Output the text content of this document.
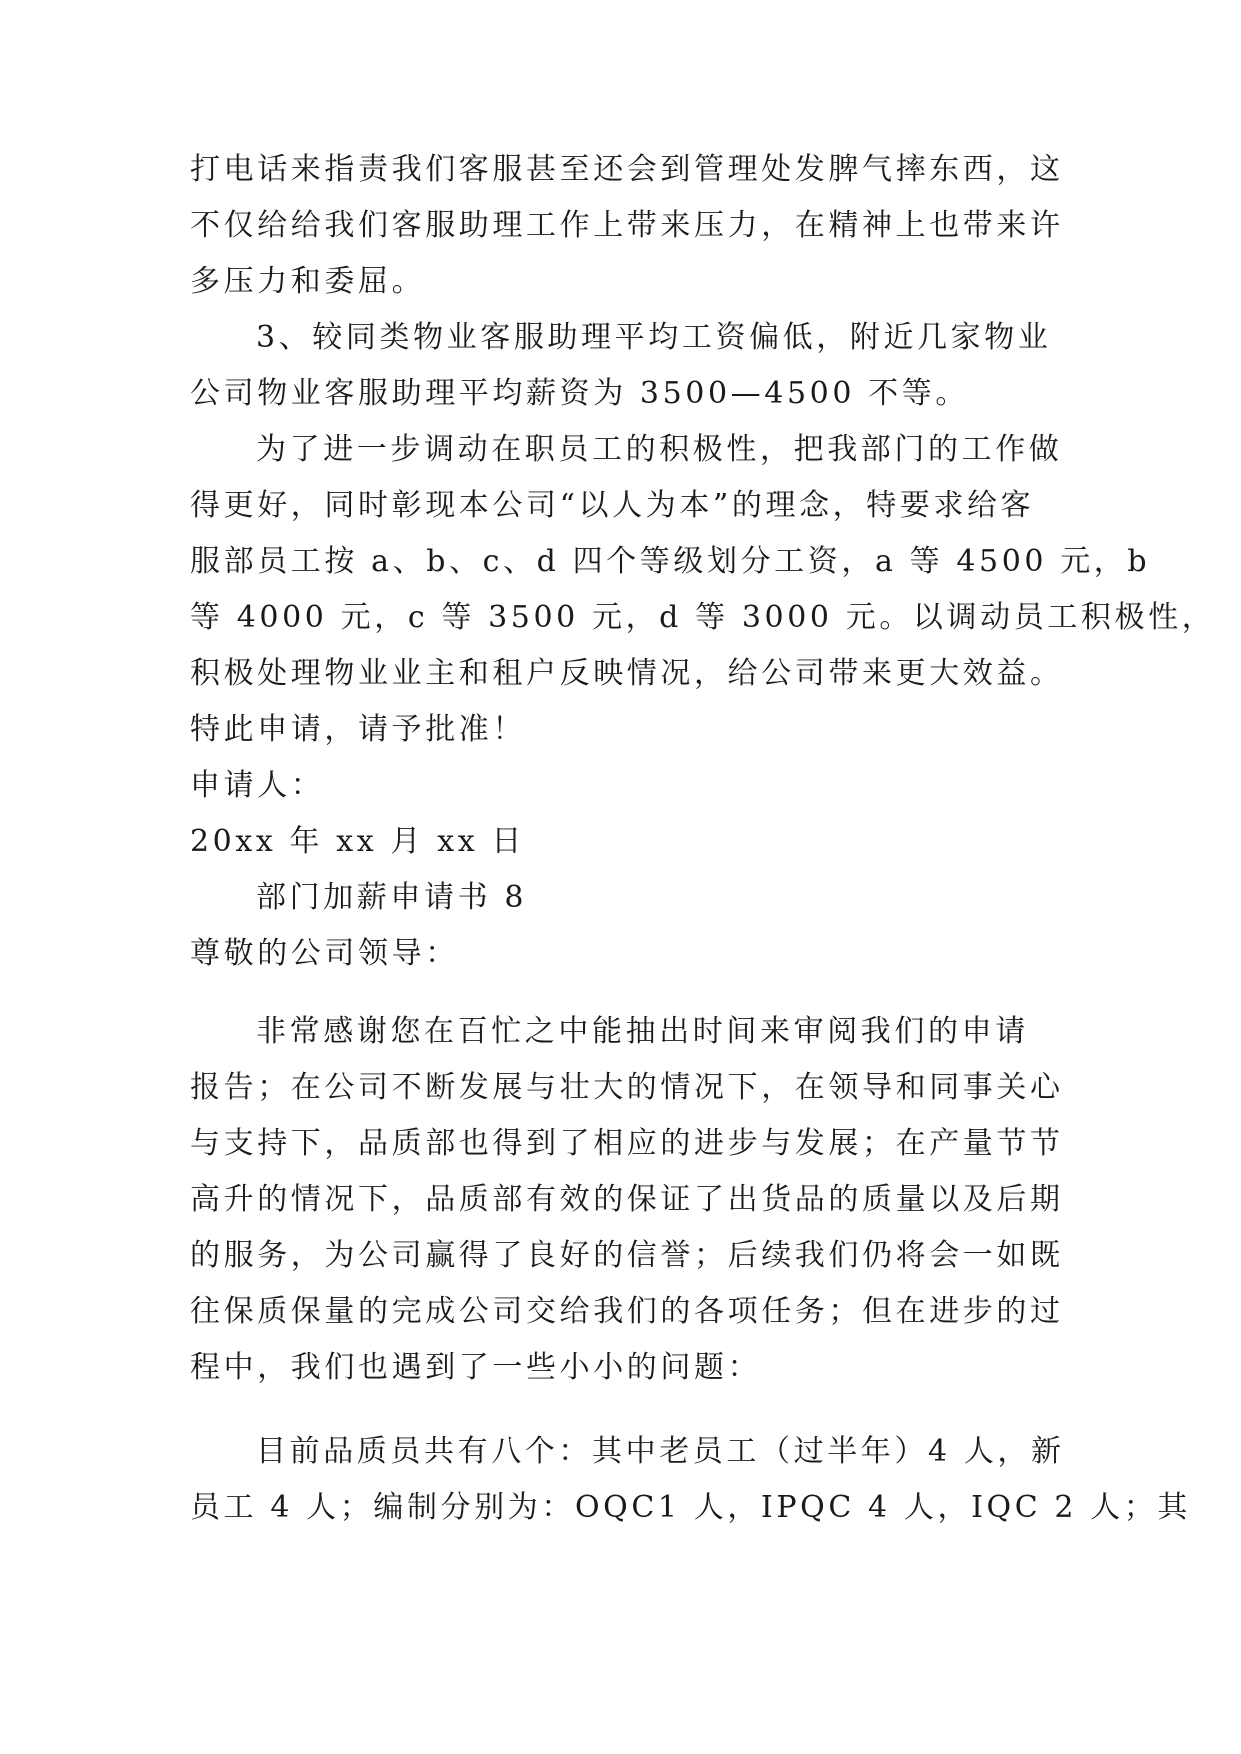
打电话来指责我们客服甚至还会到管理处发脾气摔东西，这
不仅给给我们客服助理工作上带来压力，在精神上也带来许
多压力和委屈。
3、较同类物业客服助理平均工资偏低，附近几家物业
公司物业客服助理平均薪资为 3500—4500 不等。
为了进一步调动在职员工的积极性，把我部门的工作做
得更好，同时彰现本公司“以人为本”的理念，特要求给客
服部员工按 a、b、c、d 四个等级划分工资，a 等 4500 元，b
等 4000 元，c 等 3500 元，d 等 3000 元。以调动员工积极性，
积极处理物业业主和租户反映情况，给公司带来更大效益。
特此申请，请予批准！
申请人：
20xx 年 xx 月 xx 日
部门加薪申请书 8
尊敬的公司领导：
非常感谢您在百忙之中能抽出时间来审阅我们的申请
报告；在公司不断发展与壮大的情况下，在领导和同事关心
与支持下，品质部也得到了相应的进步与发展；在产量节节
高升的情况下，品质部有效的保证了出货品的质量以及后期
的服务，为公司赢得了良好的信誉；后续我们仍将会一如既
往保质保量的完成公司交给我们的各项任务；但在进步的过
程中，我们也遇到了一些小小的问题：
目前品质员共有八个：其中老员工（过半年）4 人，新
员工 4 人；编制分别为：OQC1 人，IPQC 4 人，IQC 2 人；其
